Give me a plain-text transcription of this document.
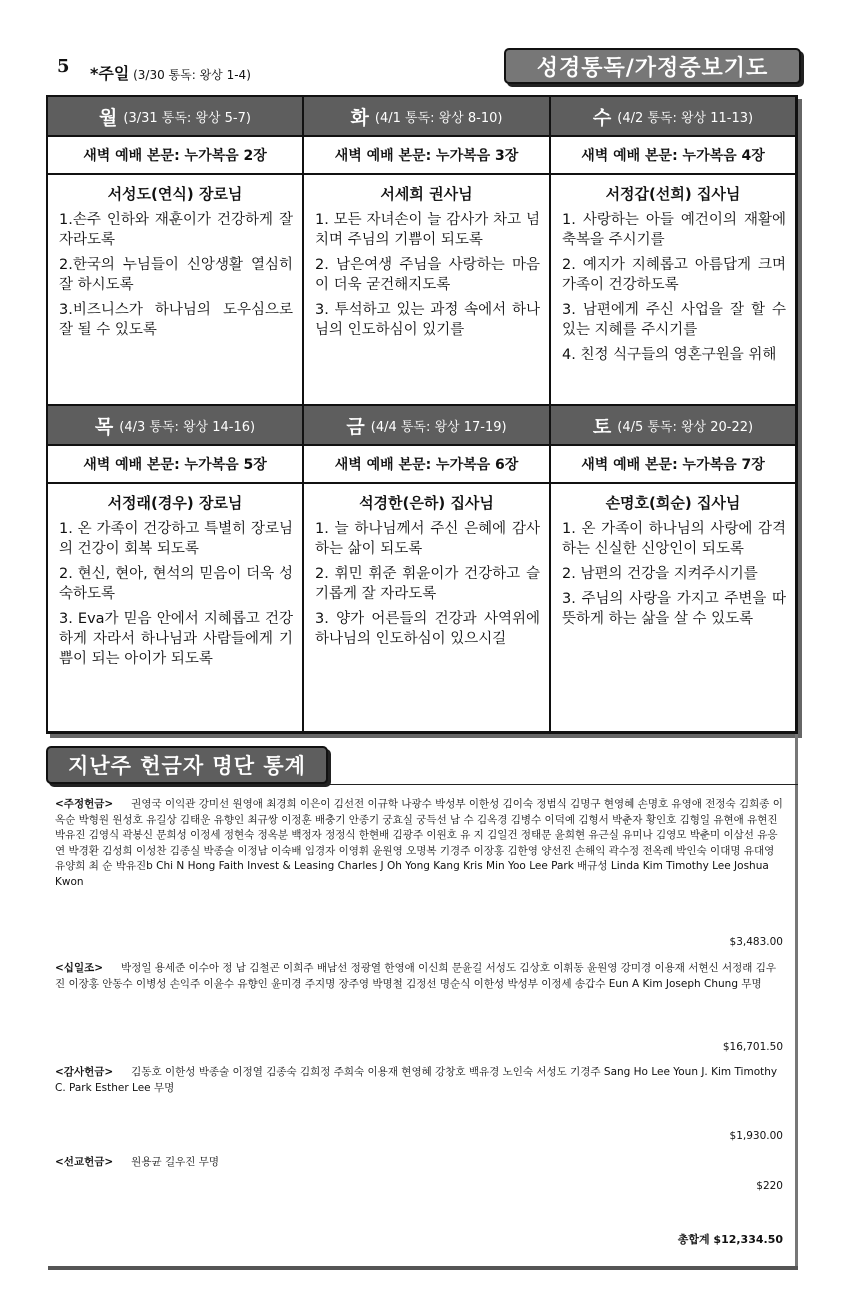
5 *주일 (3/30 통독: 왕상 1-4)	성경통독/가정중보기도
월 (3/31 통독: 왕상 5-7)
새벽 예배 본문: 누가복음 2장
서성도(연식) 장로님
1.손주 인하와 재훈이가 건강하게 잘 자라도록
2.한국의 누님들이 신앙생활 열심히 잘 하시도록
3.비즈니스가 하나님의 도우심으로 잘 될 수 있도록
화 (4/1 통독: 왕상 8-10)
새벽 예배 본문: 누가복음 3장
서세희 권사님
1. 모든 자녀손이 늘 감사가 차고 넘치며 주님의 기쁨이 되도록
2. 남은여생 주님을 사랑하는 마음이 더욱 굳건해지도록
3. 투석하고 있는 과정 속에서 하나님의 인도하심이 있기를
수 (4/2 통독: 왕상 11-13)
새벽 예배 본문: 누가복음 4장
서정갑(선희) 집사님
1. 사랑하는 아들 예건이의 재활에 축복을 주시기를
2. 예지가 지혜롭고 아름답게 크며 가족이 건강하도록
3. 남편에게 주신 사업을 잘 할 수 있는 지혜를 주시기를
4. 친정 식구들의 영혼구원을 위해
목 (4/3 통독: 왕상 14-16)
새벽 예배 본문: 누가복음 5장
서정래(경우) 장로님
1. 온 가족이 건강하고 특별히 장로님의 건강이 회복 되도록
2. 현신, 현아, 현석의 믿음이 더욱 성숙하도록
3. Eva가 믿음 안에서 지혜롭고 건강하게 자라서 하나님과 사람들에게 기쁨이 되는 아이가 되도록
금 (4/4 통독: 왕상 17-19)
새벽 예배 본문: 누가복음 6장
석경한(은하) 집사님
1. 늘 하나님께서 주신 은혜에 감사하는 삶이 되도록
2. 휘민 휘준 휘윤이가 건강하고 슬기롭게 잘 자라도록
3. 양가 어른들의 건강과 사역위에 하나님의 인도하심이 있으시길
토 (4/5 통독: 왕상 20-22)
새벽 예배 본문: 누가복음 7장
손명호(희순) 집사님
1. 온 가족이 하나님의 사랑에 감격하는 신실한 신앙인이 되도록
2. 남편의 건강을 지켜주시기를
3. 주님의 사랑을 가지고 주변을 따뜻하게 하는 삶을 살 수 있도록
지난주 헌금자 명단 통계
<주정헌금> 권영국 이익관 강미선 원영애 최경희 이은이 김선전 이규학 나광수 박성부 이한성 김이숙 정범식 김명구 현영혜 손명호 유영애 전정숙 김희종 이옥순 박형원 원성호 유길상 김태운 유향인 최규쌍 이정훈 배충기 안종기 궁효실 궁득선 남 수 김옥경 김병수 이덕예 김형서 박춘자 황인호 김형일 유현애 유현진 박유진 김영식 곽봉신 문희성 이정세 정현숙 정옥분 백정자 정정식 한현배 김광주 이원호 유 지 김일건 정태문 윤희현 유근실 유미나 김영모 박춘미 이삼선 유응연 박경환 김성희 이성찬 김종실 박종술 이정남 이숙배 임경자 이영휘 윤원영 오명복 기경주 이장홍 김한영 양선진 손해익 곽수정 전옥례 박인숙 이대명 유대영 유양희 최 순 박유진b Chi N Hong Faith Invest & Leasing Charles J Oh Yong Kang Kris Min Yoo Lee Park 배규성 Linda Kim Timothy Lee Joshua Kwon
$3,483.00
<십일조> 박정일 용세준 이수아 정 남 김철곤 이희주 배남선 정광열 한영애 이신희 문윤길 서성도 김상호 이휘동 윤원영 강미경 이용재 서현신 서정래 김우진 이장홍 안동수 이병성 손익주 이윤수 유향인 윤미경 주지명 장주영 박명철 김정선 명순식 이한성 박성부 이정세 송갑수 Eun A Kim Joseph Chung 무명
$16,701.50
<감사헌금> 김동호 이한성 박종술 이정열 김종숙 김희정 주희숙 이용재 현영혜 강창호 백유경 노인숙 서성도 기경주 Sang Ho Lee Youn J. Kim Timothy C. Park Esther Lee 무명
$1,930.00
<선교헌금> 원용균 길우진 무명
$220
총합계 $12,334.50
